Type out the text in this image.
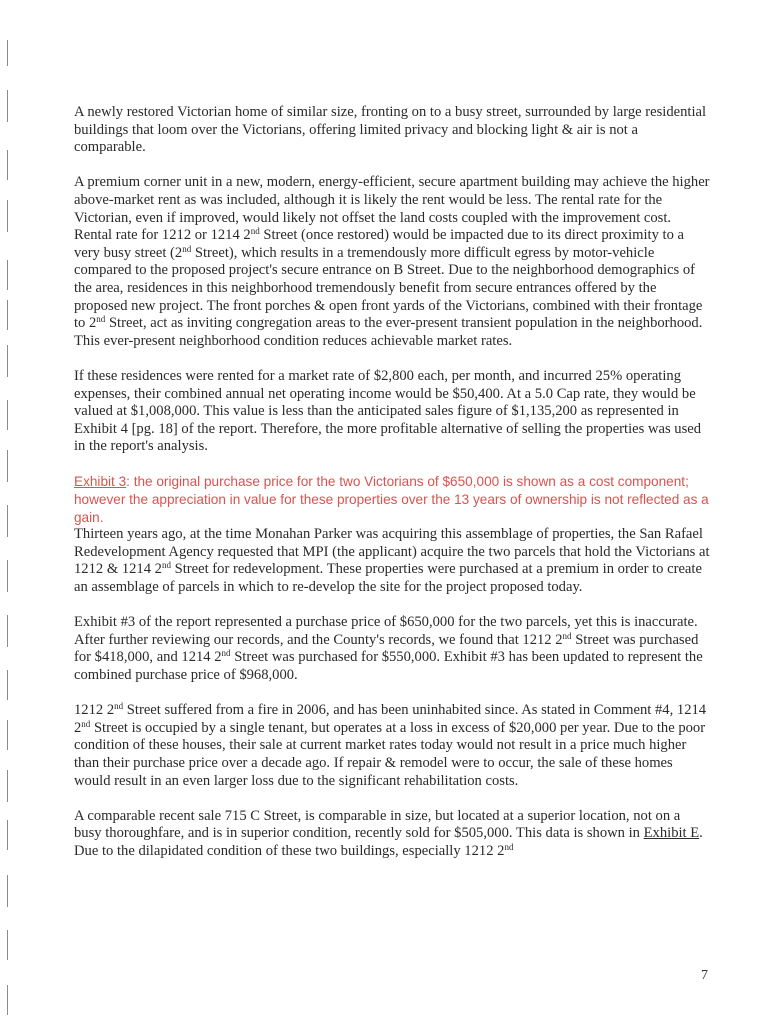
A newly restored Victorian home of similar size, fronting on to a busy street, surrounded by large residential buildings that loom over the Victorians, offering limited privacy and blocking light & air is not a comparable.

A premium corner unit in a new, modern, energy-efficient, secure apartment building may achieve the higher above-market rent as was included, although it is likely the rent would be less. The rental rate for the Victorian, even if improved, would likely not offset the land costs coupled with the improvement cost. Rental rate for 1212 or 1214 2nd Street (once restored) would be impacted due to its direct proximity to a very busy street (2nd Street), which results in a tremendously more difficult egress by motor-vehicle compared to the proposed project's secure entrance on B Street. Due to the neighborhood demographics of the area, residences in this neighborhood tremendously benefit from secure entrances offered by the proposed new project. The front porches & open front yards of the Victorians, combined with their frontage to 2nd Street, act as inviting congregation areas to the ever-present transient population in the neighborhood. This ever-present neighborhood condition reduces achievable market rates.

If these residences were rented for a market rate of $2,800 each, per month, and incurred 25% operating expenses, their combined annual net operating income would be $50,400. At a 5.0 Cap rate, they would be valued at $1,008,000. This value is less than the anticipated sales figure of $1,135,200 as represented in Exhibit 4 [pg. 18] of the report. Therefore, the more profitable alternative of selling the properties was used in the report's analysis.

Exhibit 3: the original purchase price for the two Victorians of $650,000 is shown as a cost component; however the appreciation in value for these properties over the 13 years of ownership is not reflected as a gain.

Thirteen years ago, at the time Monahan Parker was acquiring this assemblage of properties, the San Rafael Redevelopment Agency requested that MPI (the applicant) acquire the two parcels that hold the Victorians at 1212 & 1214 2nd Street for redevelopment. These properties were purchased at a premium in order to create an assemblage of parcels in which to re-develop the site for the project proposed today.

Exhibit #3 of the report represented a purchase price of $650,000 for the two parcels, yet this is inaccurate. After further reviewing our records, and the County's records, we found that 1212 2nd Street was purchased for $418,000, and 1214 2nd Street was purchased for $550,000. Exhibit #3 has been updated to represent the combined purchase price of $968,000.

1212 2nd Street suffered from a fire in 2006, and has been uninhabited since. As stated in Comment #4, 1214 2nd Street is occupied by a single tenant, but operates at a loss in excess of $20,000 per year. Due to the poor condition of these houses, their sale at current market rates today would not result in a price much higher than their purchase price over a decade ago. If repair & remodel were to occur, the sale of these homes would result in an even larger loss due to the significant rehabilitation costs.

A comparable recent sale 715 C Street, is comparable in size, but located at a superior location, not on a busy thoroughfare, and is in superior condition, recently sold for $505,000. This data is shown in Exhibit E. Due to the dilapidated condition of these two buildings, especially 1212 2nd

7
